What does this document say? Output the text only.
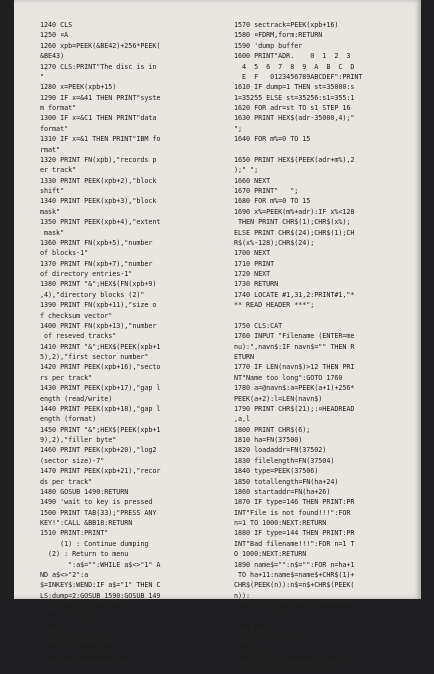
1240 CLS
1250 ¤A
1260 xpb=PEEK(&BE42)+256*PEEK(
&BE43)
1270 CLS:PRINT"The disc is in
"
1280 x=PEEK(xpb+15)
1290 IF x=&41 THEN PRINT"syste
m format"
1300 IF x=&C1 THEN PRINT"data
format"
1310 IF x=&1 THEN PRINT"IBM fo
rmat"
1320 PRINT FN(xpb),"records p
er track"
1330 PRINT PEEK(xpb+2),"block
shift"
1340 PRINT PEEK(xpb+3),"block
mask"
1350 PRINT PEEK(xpb+4),"extent
mask"
1360 PRINT FN(xpb+5),"number
of blocks-1"
1370 PRINT FN(xpb+7),"number
of directory entries-1"
1380 PRINT "&";HEX$(FN(xpb+9)
,4),"directory blocks (2)"
1390 PRINT FN(xpb+11),"size o
f checksum vector"
1400 PRINT FN(xpb+13),"number
of reseved tracks"
1410 PRINT "&";HEX$(PEEK(xpb+1
5),2),"first sector number"
1420 PRINT PEEK(xpb+16),"secto
rs per track"
1430 PRINT PEEK(xpb+17),"gap l
ength (read/write)
1440 PRINT PEEK(xpb+18),"gap l
ength (format)
1450 PRINT "&";HEX$(PEEK(xpb+1
9),2),"filler byte"
1460 PRINT PEEK(xpb+20),"log2
(sector size)-7"
1470 PRINT PEEK(xpb+21),"recor
ds per track"
1480 GOSUB 1490:RETURN
1490 'wait to key is pressed
1500 PRINT TAB(33);"PRESS ANY
KEY!":CALL &BB18:RETURN
1510 PRINT:PRINT"
(1) : Continue dumping
(2) : Return to menu
":a$="":WHILE a$<>"1" A
ND a$<>"2":a
$=INKEY$:WEND:IF a$="1" THEN C
LS:dump=2:GOSUB 1590:GOSUB 149
0:RETURN ELSE RETURN
1520 'get disc info
1530 ¤A
1540 xpb=FN(&BE42)
1550 form=PEEK(xpb+15)
1560 restrack=PEEK(xpb+13)
1570 sectrack=PEEK(xpb+16)
1580 ¤FDRM,form:RETURN
1590 'dump buffer
1600 PRINT"ADR.    0  1  2  3
4  5  6  7  8  9  A  B  C  D
E  F   0123456789ABCDEF":PRINT
1610 IF dump=1 THEN st=35000:s
1=35255 ELSE st=35256:s1=355:1
1620 FOR adr=st TO s1 STEP 16
1630 PRINT HEX$(adr-35000,4);"
";
1640 FOR m%=0 TO 15
1650 PRINT HEX$(PEEK(adr+m%),2
);" ";
1660 NEXT
1670 PRINT"   ";
1680 FOR m%=0 TO 15
1690 x%=PEEK(m%+adr):IF x%<128
THEN PRINT CHR$(1);CHR$(x%);
ELSE PRINT CHR$(24);CHR$(1);CH
R$(x%-128);CHR$(24);
1700 NEXT
1710 PRINT
1720 NEXT
1730 RETURN
1740 LOCATE #1,31,2:PRINT#1,"*
** READ HEADER ***";
1750 CLS:CAT
1760 INPUT "Filename (ENTER=me
nu):",navn$:IF navn$="" THEN R
ETURN
1770 IF LEN(navn$)>12 THEN PRI
NT"Name too long":GOTO 1760
1780 a=@navn$:a=PEEK(a+1)+256*
PEEK(a+2):l=LEN(navn$)
1790 PRINT CHR$(21);:¤HEADREAD
,a,l
1800 PRINT CHR$(6);
1810 ha=FN(37500)
1820 loadaddr=FN(37502)
1830 filelength=FN(37504)
1840 type=PEEK(37506)
1850 totallength=FN(ha+24)
1860 startaddr=FN(ha+26)
1870 IF type=146 THEN PRINT:PR
INT"File is not found!!!":FOR
n=1 TO 1000:NEXT:RETURN
1880 IF type=144 THEN PRINT:PR
INT"Bad filename!!!":FOR n=1 T
O 1000:NEXT:RETURN
1890 name$="":n$="":FOR n=ha+1
TO ha+11:name$=name$+CHR$(1)+
CHR$(PEEK(n)):n$=n$+CHR$(PEEK(
n)):
1900 IF n=ha+8 THEN name$=name
$+".":n$=n$+"."
1910 NEXT
1920 us=PEEK(ha)
1930 CLS
1940 PRINT"Filename:";name$;TA
B(30);"User:&";HEX$(us,2)
